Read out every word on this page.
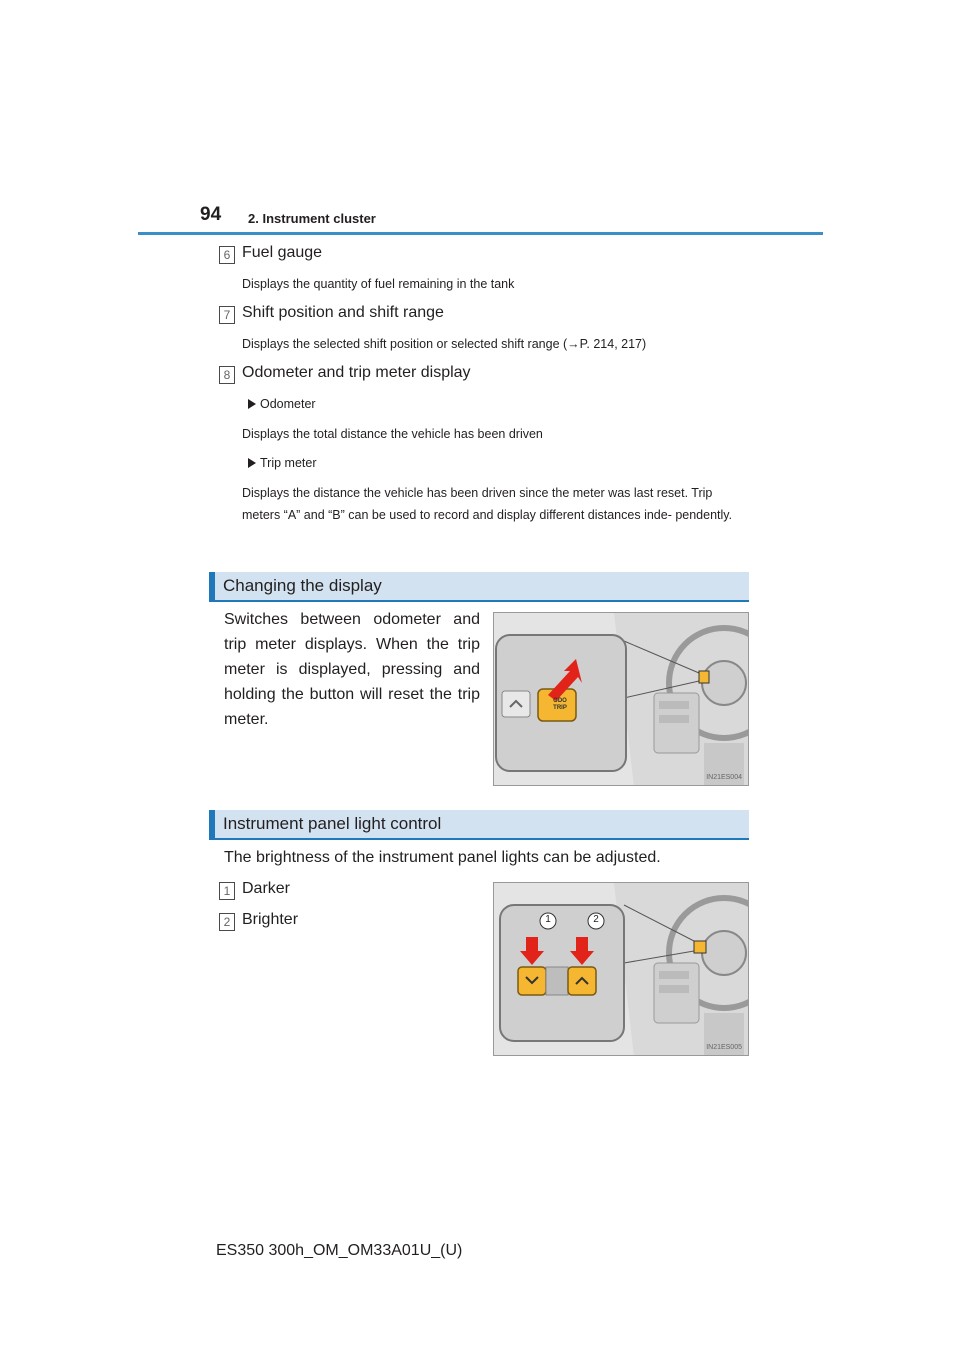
94 2. Instrument cluster
6 Fuel gauge
Displays the quantity of fuel remaining in the tank
7 Shift position and shift range
Displays the selected shift position or selected shift range (→P. 214, 217)
8 Odometer and trip meter display
Odometer
Displays the total distance the vehicle has been driven
Trip meter
Displays the distance the vehicle has been driven since the meter was last reset. Trip meters “A” and “B” can be used to record and display different distances inde- pendently.
Changing the display
Switches between odometer and trip meter displays. When the trip meter is displayed, pressing and holding the button will reset the trip meter.
ODO
TRIP
IN21ES004
Instrument panel light control
The brightness of the instrument panel lights can be adjusted.
1 Darker
2 Brighter	1	2
IN21ES005
ES350 300h_OM_OM33A01U_(U)
